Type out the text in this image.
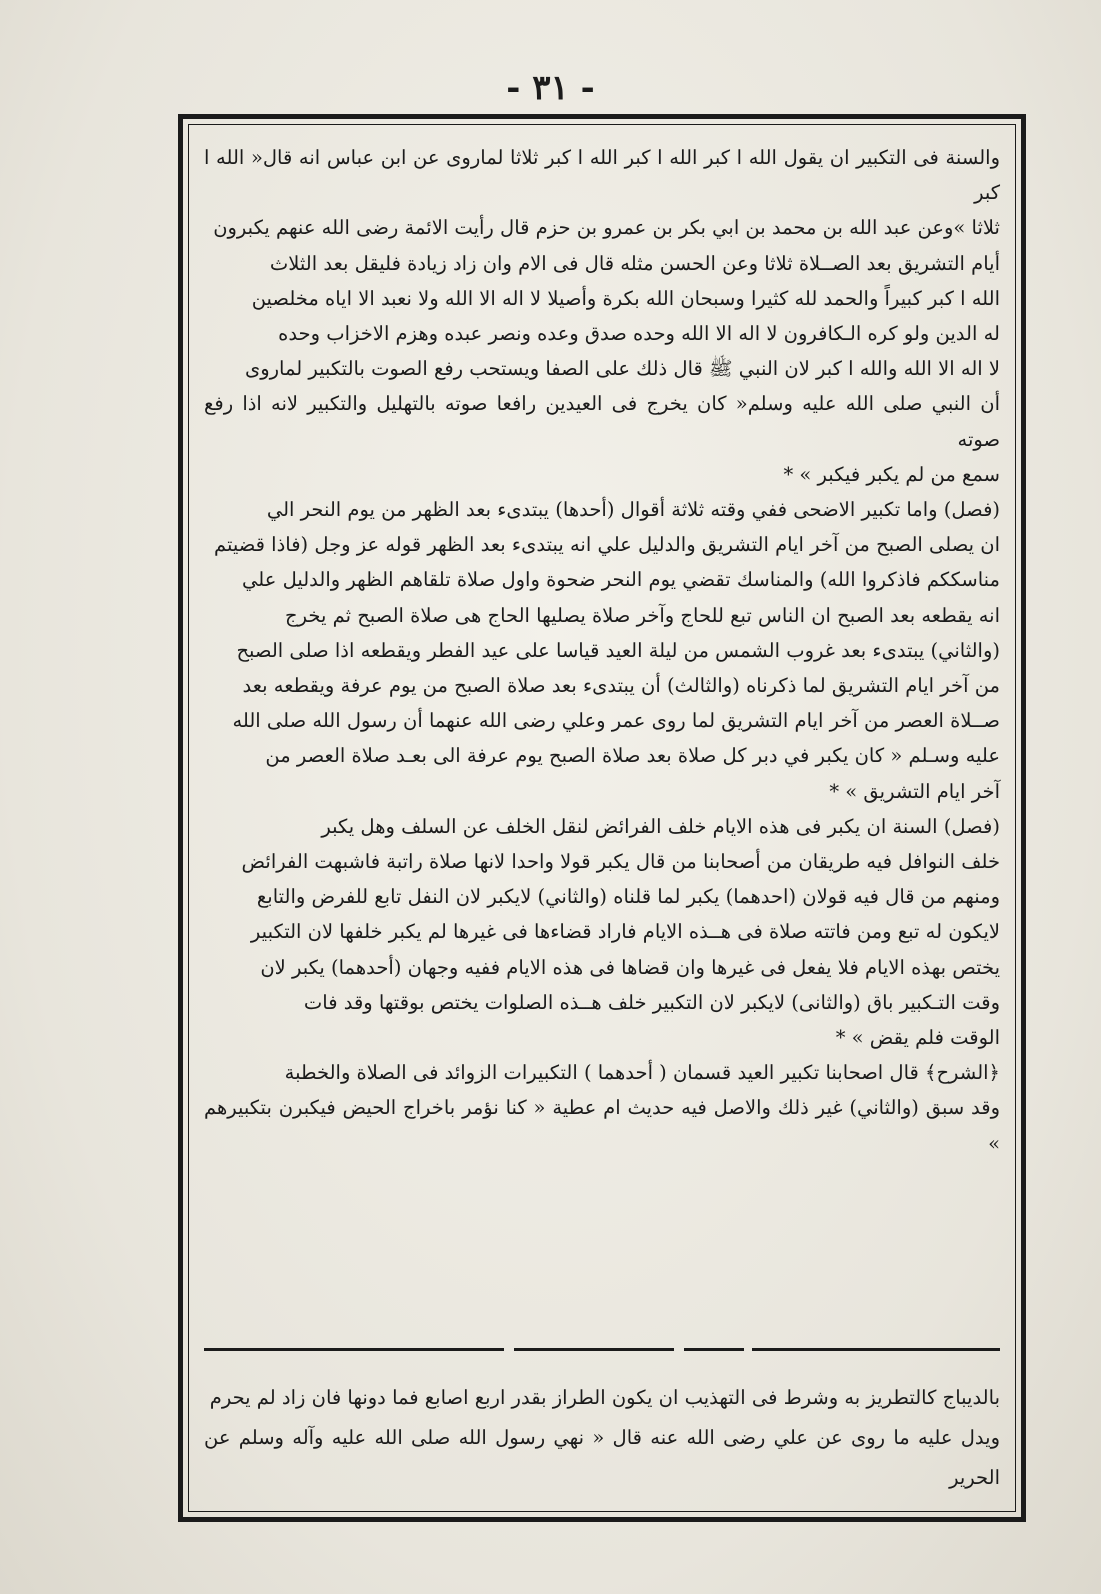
- ٣١ -

والسنة فى التكبير ان يقول الله ا كبر الله ا كبر الله ا كبر ثلاثا لماروى عن ابن عباس انه قال« الله ا كبر

ثلاثا »وعن عبد الله بن محمد بن ابي بكر بن عمرو بن حزم قال رأيت الائمة رضى الله عنهم يكبرون

أيام التشريق بعد الصــلاة ثلاثا وعن الحسن مثله قال فى الام وان زاد زيادة فليقل بعد الثلاث

الله ا كبر كبيراً والحمد لله كثيرا وسبحان الله بكرة وأصيلا لا اله الا الله ولا نعبد الا اياه مخلصين

له الدين ولو كره الـكافرون لا اله الا الله وحده صدق وعده ونصر عبده وهزم الاخزاب وحده

لا اله الا الله والله ا كبر لان النبي ﷺ قال ذلك على الصفا ويستحب رفع الصوت بالتكبير لماروى

أن النبي صلى الله عليه وسلم« كان يخرج فى العيدين رافعا صوته بالتهليل والتكبير لانه اذا رفع صوته

سمع من لم يكبر فيكبر » *

(فصل) واما تكبير الاضحى ففي وقته ثلاثة أقوال (أحدها) يبتدىء بعد الظهر من يوم النحر الي

ان يصلى الصبح من آخر ايام التشريق والدليل علي انه يبتدىء بعد الظهر قوله عز وجل (فاذا قضيتم

مناسككم فاذكروا الله) والمناسك تقضي يوم النحر ضحوة واول صلاة تلقاهم الظهر والدليل علي

انه يقطعه بعد الصبح ان الناس تبع للحاج وآخر صلاة يصليها الحاج هى صلاة الصبح ثم يخرج

(والثاني) يبتدىء بعد غروب الشمس من ليلة العيد قياسا على عيد الفطر ويقطعه اذا صلى الصبح

من آخر ايام التشريق لما ذكرناه (والثالث) أن يبتدىء بعد صلاة الصبح من يوم عرفة ويقطعه بعد

صــلاة العصر من آخر ايام التشريق لما روى عمر وعلي رضى الله عنهما أن رسول الله صلى الله

عليه وسـلم « كان يكبر في دبر كل صلاة بعد صلاة الصبح يوم عرفة الى بعـد صلاة العصر من

آخر ايام التشريق » *

(فصل) السنة ان يكبر فى هذه الايام خلف الفرائض لنقل الخلف عن السلف وهل يكبر

خلف النوافل فيه طريقان من أصحابنا من قال يكبر قولا واحدا لانها صلاة راتبة فاشبهت الفرائض

ومنهم من قال فيه قولان (احدهما) يكبر لما قلناه (والثاني) لايكبر لان النفل تابع للفرض والتابع

لايكون له تبع ومن فاتته صلاة فى هــذه الايام فاراد قضاءها فى غيرها لم يكبر خلفها لان التكبير

يختص بهذه الايام فلا يفعل فى غيرها وان قضاها فى هذه الايام ففيه وجهان (أحدهما) يكبر لان

وقت التـكبير باق (والثانى) لايكبر لان التكبير خلف هــذه الصلوات يختص بوقتها وقد فات

الوقت فلم يقض » *

﴿الشرح﴾ قال اصحابنا تكبير العيد قسمان ( أحدهما ) التكبيرات الزوائد فى الصلاة والخطبة

وقد سبق (والثاني) غير ذلك والاصل فيه حديث ام عطية « كنا نؤمر باخراج الحيض فيكبرن بتكبيرهم »

بالديباج كالتطريز به وشرط فى التهذيب ان يكون الطراز بقدر اربع اصابع فما دونها فان زاد لم يحرم

ويدل عليه ما روى عن علي رضى الله عنه قال « نهي رسول الله صلى الله عليه وآله وسلم عن الحرير
